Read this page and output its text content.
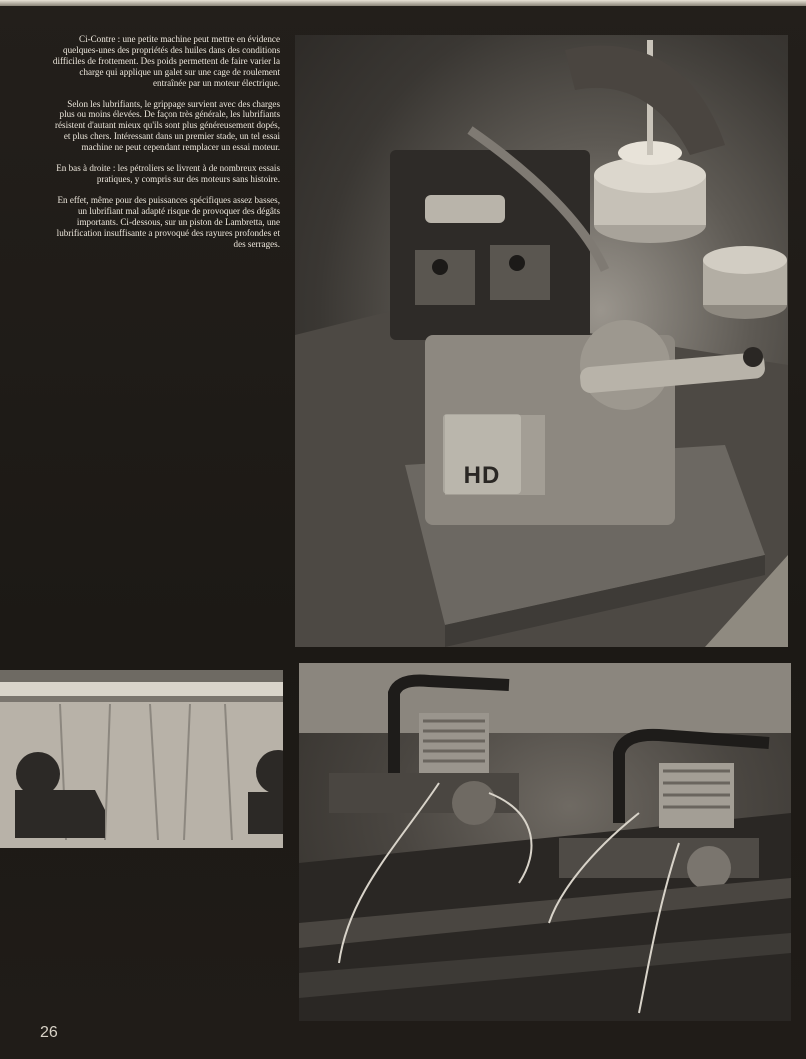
Ci-Contre : une petite machine peut mettre en évidence quelques-unes des propriétés des huiles dans des conditions difficiles de frottement. Des poids permettent de faire varier la charge qui applique un galet sur une cage de roulement entraînée par un moteur électrique.

Selon les lubrifiants, le grippage survient avec des charges plus ou moins élevées. De façon très générale, les lubrifiants résistent d'autant mieux qu'ils sont plus généreusement dopés, et plus chers. Intéressant dans un premier stade, un tel essai machine ne peut cependant remplacer un essai moteur.

En bas à droite : les pétroliers se livrent à de nombreux essais pratiques, y compris sur des moteurs sans histoire.

En effet, même pour des puissances spécifiques assez basses, un lubrifiant mal adapté risque de provoquer des dégâts importants. Ci-dessous, sur un piston de Lambretta, une lubrification insuffisante a provoqué des rayures profondes et des serrages.

HD
26
